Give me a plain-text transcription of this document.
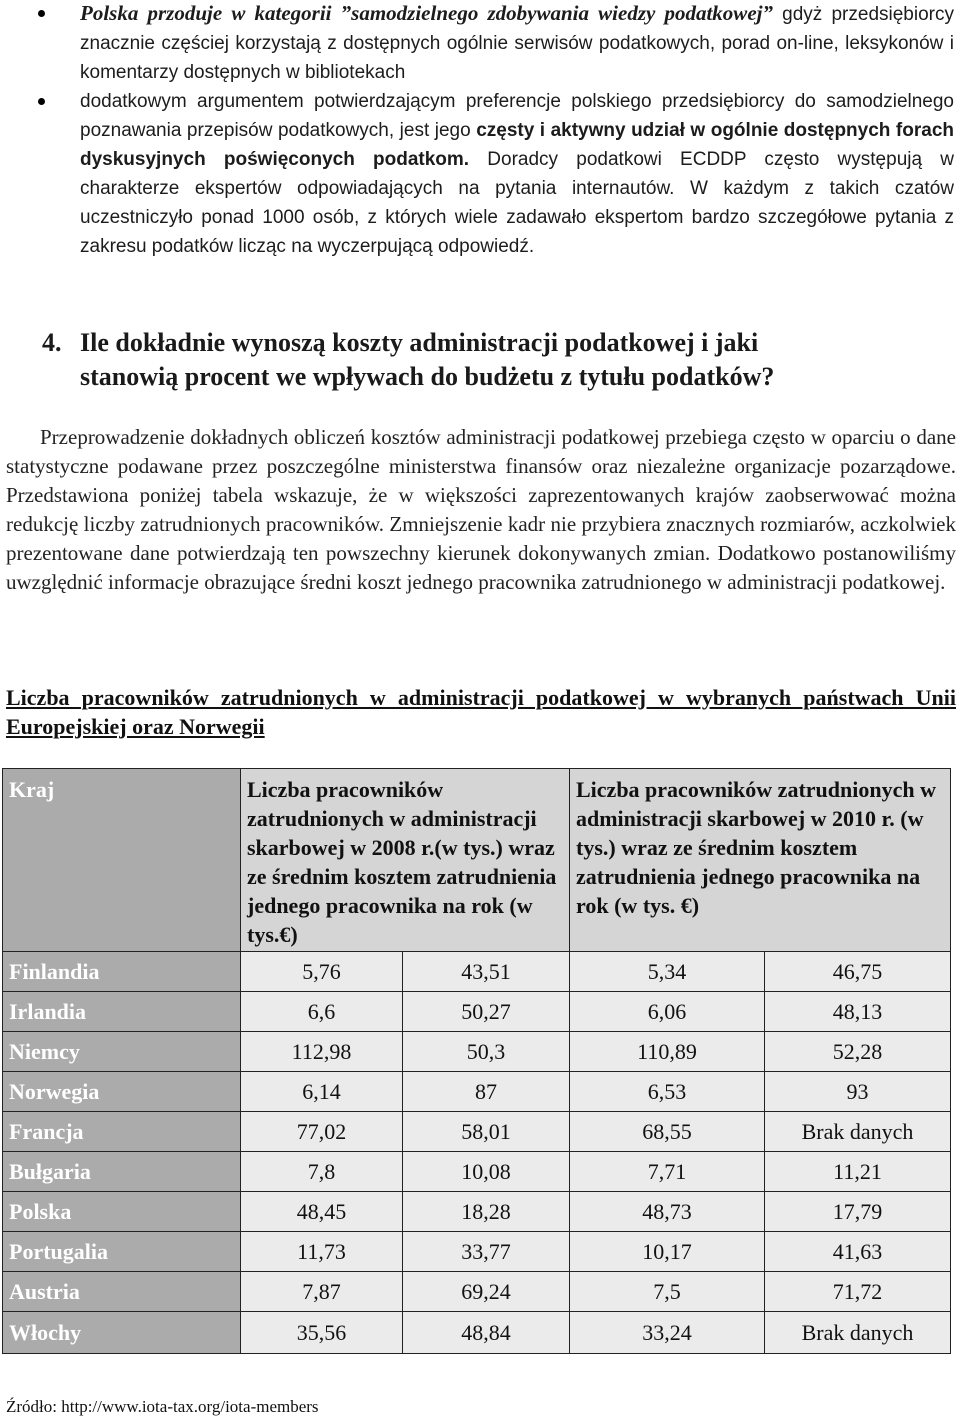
Polska przoduje w kategorii ”samodzielnego zdobywania wiedzy podatkowej” gdyż przedsiębiorcy znacznie częściej korzystają z dostępnych ogólnie serwisów podatkowych, porad on-line, leksykonów i komentarzy dostępnych w bibliotekach
dodatkowym argumentem potwierdzającym preferencje polskiego przedsiębiorcy do samodzielnego poznawania przepisów podatkowych, jest jego częsty i aktywny udział w ogólnie dostępnych forach dyskusyjnych poświęconych podatkom. Doradcy podatkowi ECDDP często występują w charakterze ekspertów odpowiadających na pytania internautów. W każdym z takich czatów uczestniczyło ponad 1000 osób, z których wiele zadawało ekspertom bardzo szczegółowe pytania z zakresu podatków licząc na wyczerpującą odpowiedź.
4. Ile dokładnie wynoszą koszty administracji podatkowej i jaki
stanowią procent we wpływach do budżetu z tytułu podatków?

Przeprowadzenie dokładnych obliczeń kosztów administracji podatkowej przebiega często w oparciu o dane statystyczne podawane przez poszczególne ministerstwa finansów oraz niezależne organizacje pozarządowe. Przedstawiona poniżej tabela wskazuje, że w większości zaprezentowanych krajów zaobserwować można redukcję liczby zatrudnionych pracowników. Zmniejszenie kadr nie przybiera znacznych rozmiarów, aczkolwiek prezentowane dane potwierdzają ten powszechny kierunek dokonywanych zmian. Dodatkowo postanowiliśmy uwzględnić informacje obrazujące średni koszt jednego pracownika zatrudnionego w administracji podatkowej.

Liczba pracowników zatrudnionych w administracji podatkowej w wybranych państwach Unii Europejskiej oraz Norwegii

Kraj	Liczba pracowników zatrudnionych w administracji skarbowej w 2008 r.(w tys.) wraz ze średnim kosztem zatrudnienia jednego pracownika na rok (w tys.€)		Liczba pracowników zatrudnionych w administracji skarbowej w 2010 r. (w tys.) wraz ze średnim kosztem zatrudnienia jednego pracownika na rok (w tys. €)	
Finlandia	5,76	43,51	5,34	46,75
Irlandia	6,6	50,27	6,06	48,13
Niemcy	112,98	50,3	110,89	52,28
Norwegia	6,14	87	6,53	93
Francja	77,02	58,01	68,55	Brak danych
Bułgaria	7,8	10,08	7,71	11,21
Polska	48,45	18,28	48,73	17,79
Portugalia	11,73	33,77	10,17	41,63
Austria	7,87	69,24	7,5	71,72
Włochy	35,56	48,84	33,24	Brak danych

Źródło: http://www.iota-tax.org/iota-members
